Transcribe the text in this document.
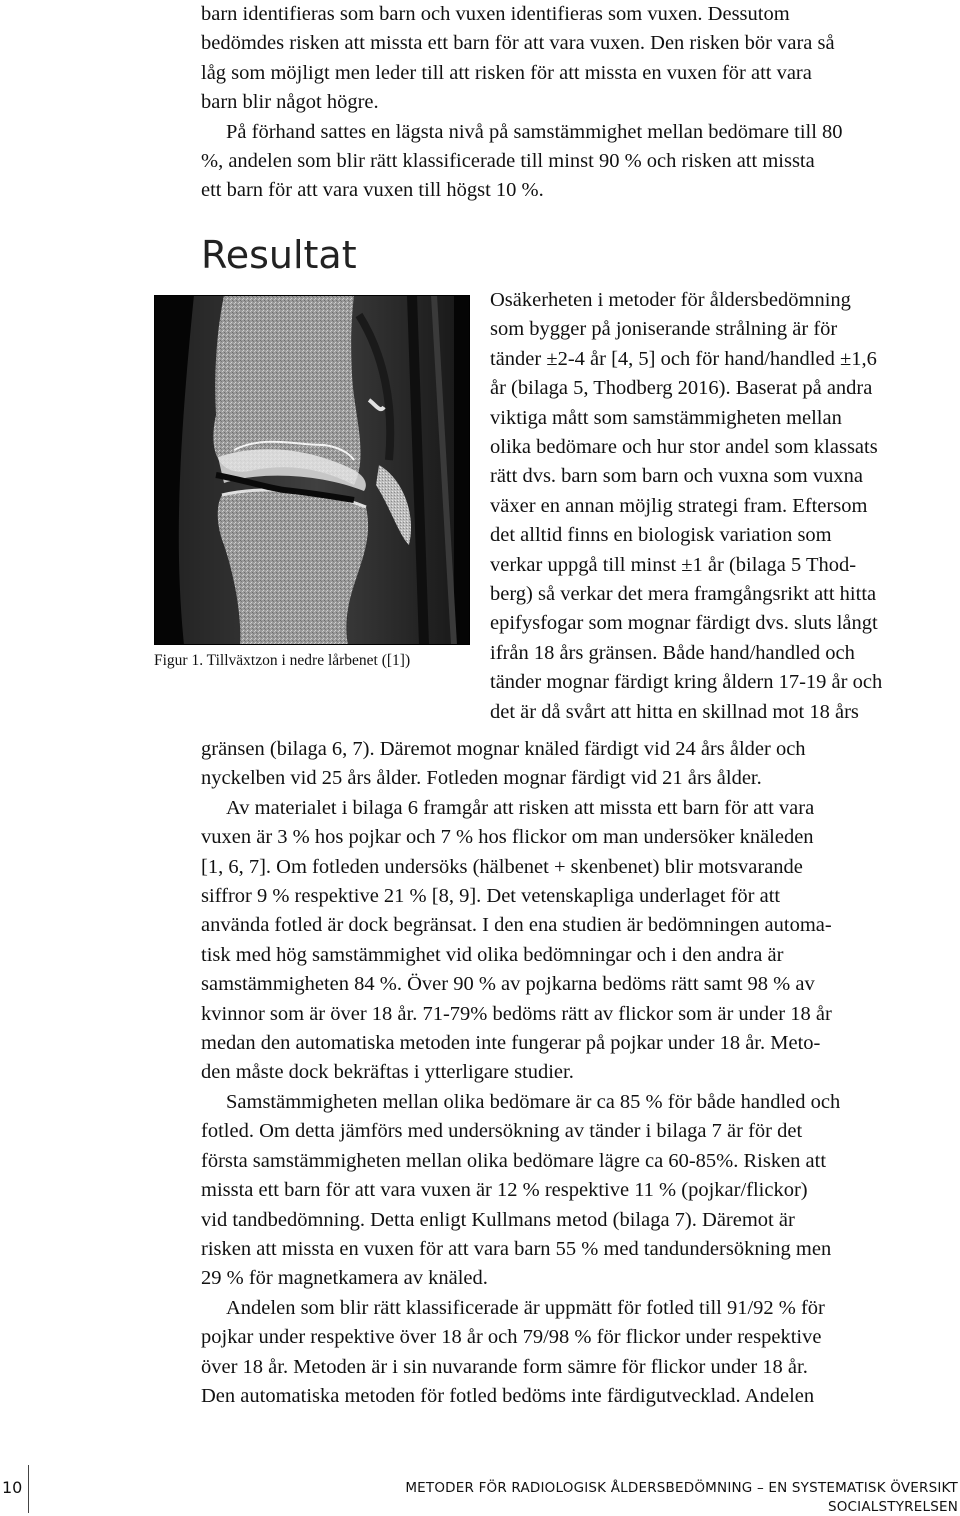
barn identifieras som barn och vuxen identifieras som vuxen. Dessutom
bedömdes risken att missta ett barn för att vara vuxen. Den risken bör vara så
låg som möjligt men leder till att risken för att missta en vuxen för att vara
barn blir något högre.

På förhand sattes en lägsta nivå på samstämmighet mellan bedömare till 80
%, andelen som blir rätt klassificerade till minst 90 % och risken att missta
ett barn för att vara vuxen till högst 10 %.

Resultat

Figur 1. Tillväxtzon i nedre lårbenet ([1])

Osäkerheten i metoder för åldersbedömning
som bygger på joniserande strålning är för
tänder ±2-4 år [4, 5] och för hand/handled ±1,6
år (bilaga 5, Thodberg 2016). Baserat på andra
viktiga mått som samstämmigheten mellan
olika bedömare och hur stor andel som klassats
rätt dvs. barn som barn och vuxna som vuxna
växer en annan möjlig strategi fram. Eftersom
det alltid finns en biologisk variation som
verkar uppgå till minst ±1 år (bilaga 5 Thod-
berg) så verkar det mera framgångsrikt att hitta
epifysfogar som mognar färdigt dvs. sluts långt
ifrån 18 års gränsen. Både hand/handled och
tänder mognar färdigt kring åldern 17-19 år och
det är då svårt att hitta en skillnad mot 18 års

gränsen (bilaga 6, 7). Däremot mognar knäled färdigt vid 24 års ålder och
nyckelben vid 25 års ålder. Fotleden mognar färdigt vid 21 års ålder.

Av materialet i bilaga 6 framgår att risken att missta ett barn för att vara
vuxen är 3 % hos pojkar och 7 % hos flickor om man undersöker knäleden
[1, 6, 7]. Om fotleden undersöks (hälbenet + skenbenet) blir motsvarande
siffror 9 % respektive 21 % [8, 9]. Det vetenskapliga underlaget för att
använda fotled är dock begränsat. I den ena studien är bedömningen automa-
tisk med hög samstämmighet vid olika bedömningar och i den andra är
samstämmigheten 84 %. Över 90 % av pojkarna bedöms rätt samt 98 % av
kvinnor som är över 18 år. 71-79% bedöms rätt av flickor som är under 18 år
medan den automatiska metoden inte fungerar på pojkar under 18 år. Meto-
den måste dock bekräftas i ytterligare studier.

Samstämmigheten mellan olika bedömare är ca 85 % för både handled och
fotled. Om detta jämförs med undersökning av tänder i bilaga 7 är för det
första samstämmigheten mellan olika bedömare lägre ca 60-85%. Risken att
missta ett barn för att vara vuxen är 12 % respektive 11 % (pojkar/flickor)
vid tandbedömning. Detta enligt Kullmans metod (bilaga 7). Däremot är
risken att missta en vuxen för att vara barn 55 % med tandundersökning men
29 % för magnetkamera av knäled.

Andelen som blir rätt klassificerade är uppmätt för fotled till 91/92 % för
pojkar under respektive över 18 år och 79/98 % för flickor under respektive
över 18 år. Metoden är i sin nuvarande form sämre för flickor under 18 år.
Den automatiska metoden för fotled bedöms inte färdigutvecklad. Andelen

10	METODER FÖR RADIOLOGISK ÅLDERSBEDÖMNING – EN SYSTEMATISK ÖVERSIKT

SOCIALSTYRELSEN
